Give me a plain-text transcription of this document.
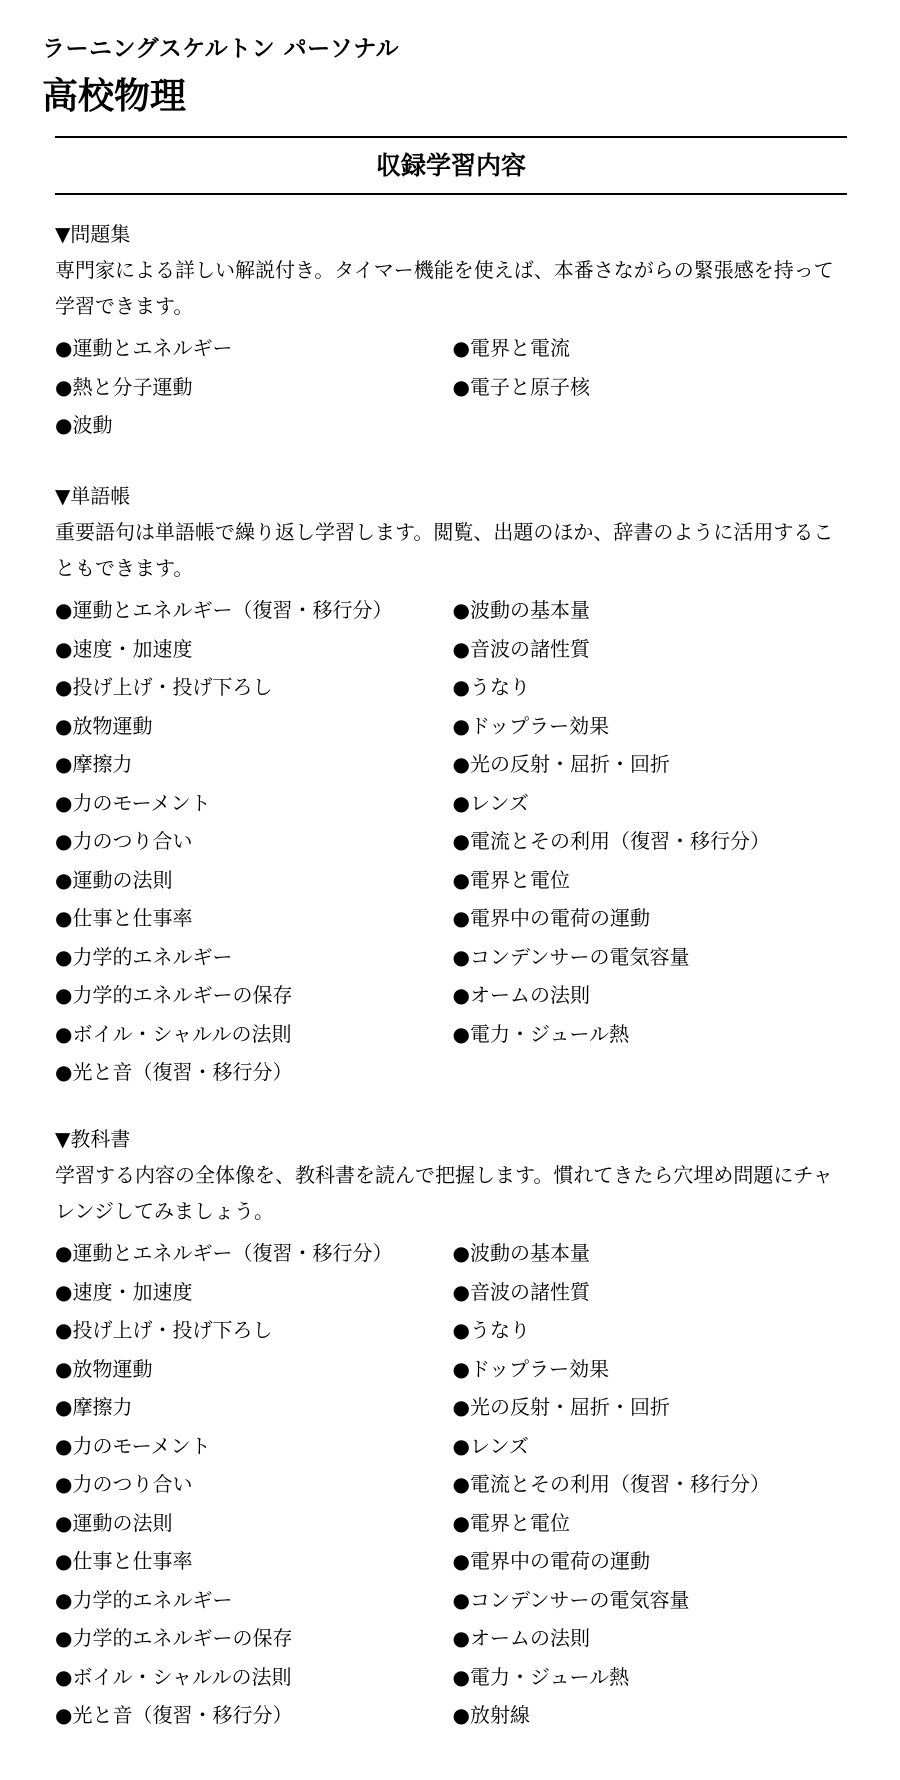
ラーニングスケルトン パーソナル
高校物理
収録学習内容
▼問題集
専門家による詳しい解説付き。タイマー機能を使えば、本番さながらの緊張感を持って学習できます。
●運動とエネルギー
●熱と分子運動
●波動
●電界と電流
●電子と原子核
▼単語帳
重要語句は単語帳で繰り返し学習します。閲覧、出題のほか、辞書のように活用することもできます。
●運動とエネルギー（復習・移行分）
●速度・加速度
●投げ上げ・投げ下ろし
●放物運動
●摩擦力
●力のモーメント
●力のつり合い
●運動の法則
●仕事と仕事率
●力学的エネルギー
●力学的エネルギーの保存
●ボイル・シャルルの法則
●光と音（復習・移行分）
●波動の基本量
●音波の諸性質
●うなり
●ドップラー効果
●光の反射・屈折・回折
●レンズ
●電流とその利用（復習・移行分）
●電界と電位
●電界中の電荷の運動
●コンデンサーの電気容量
●オームの法則
●電力・ジュール熱
▼教科書
学習する内容の全体像を、教科書を読んで把握します。慣れてきたら穴埋め問題にチャレンジしてみましょう。
●運動とエネルギー（復習・移行分）
●速度・加速度
●投げ上げ・投げ下ろし
●放物運動
●摩擦力
●力のモーメント
●力のつり合い
●運動の法則
●仕事と仕事率
●力学的エネルギー
●力学的エネルギーの保存
●ボイル・シャルルの法則
●光と音（復習・移行分）
●波動の基本量
●音波の諸性質
●うなり
●ドップラー効果
●光の反射・屈折・回折
●レンズ
●電流とその利用（復習・移行分）
●電界と電位
●電界中の電荷の運動
●コンデンサーの電気容量
●オームの法則
●電力・ジュール熱
●放射線
